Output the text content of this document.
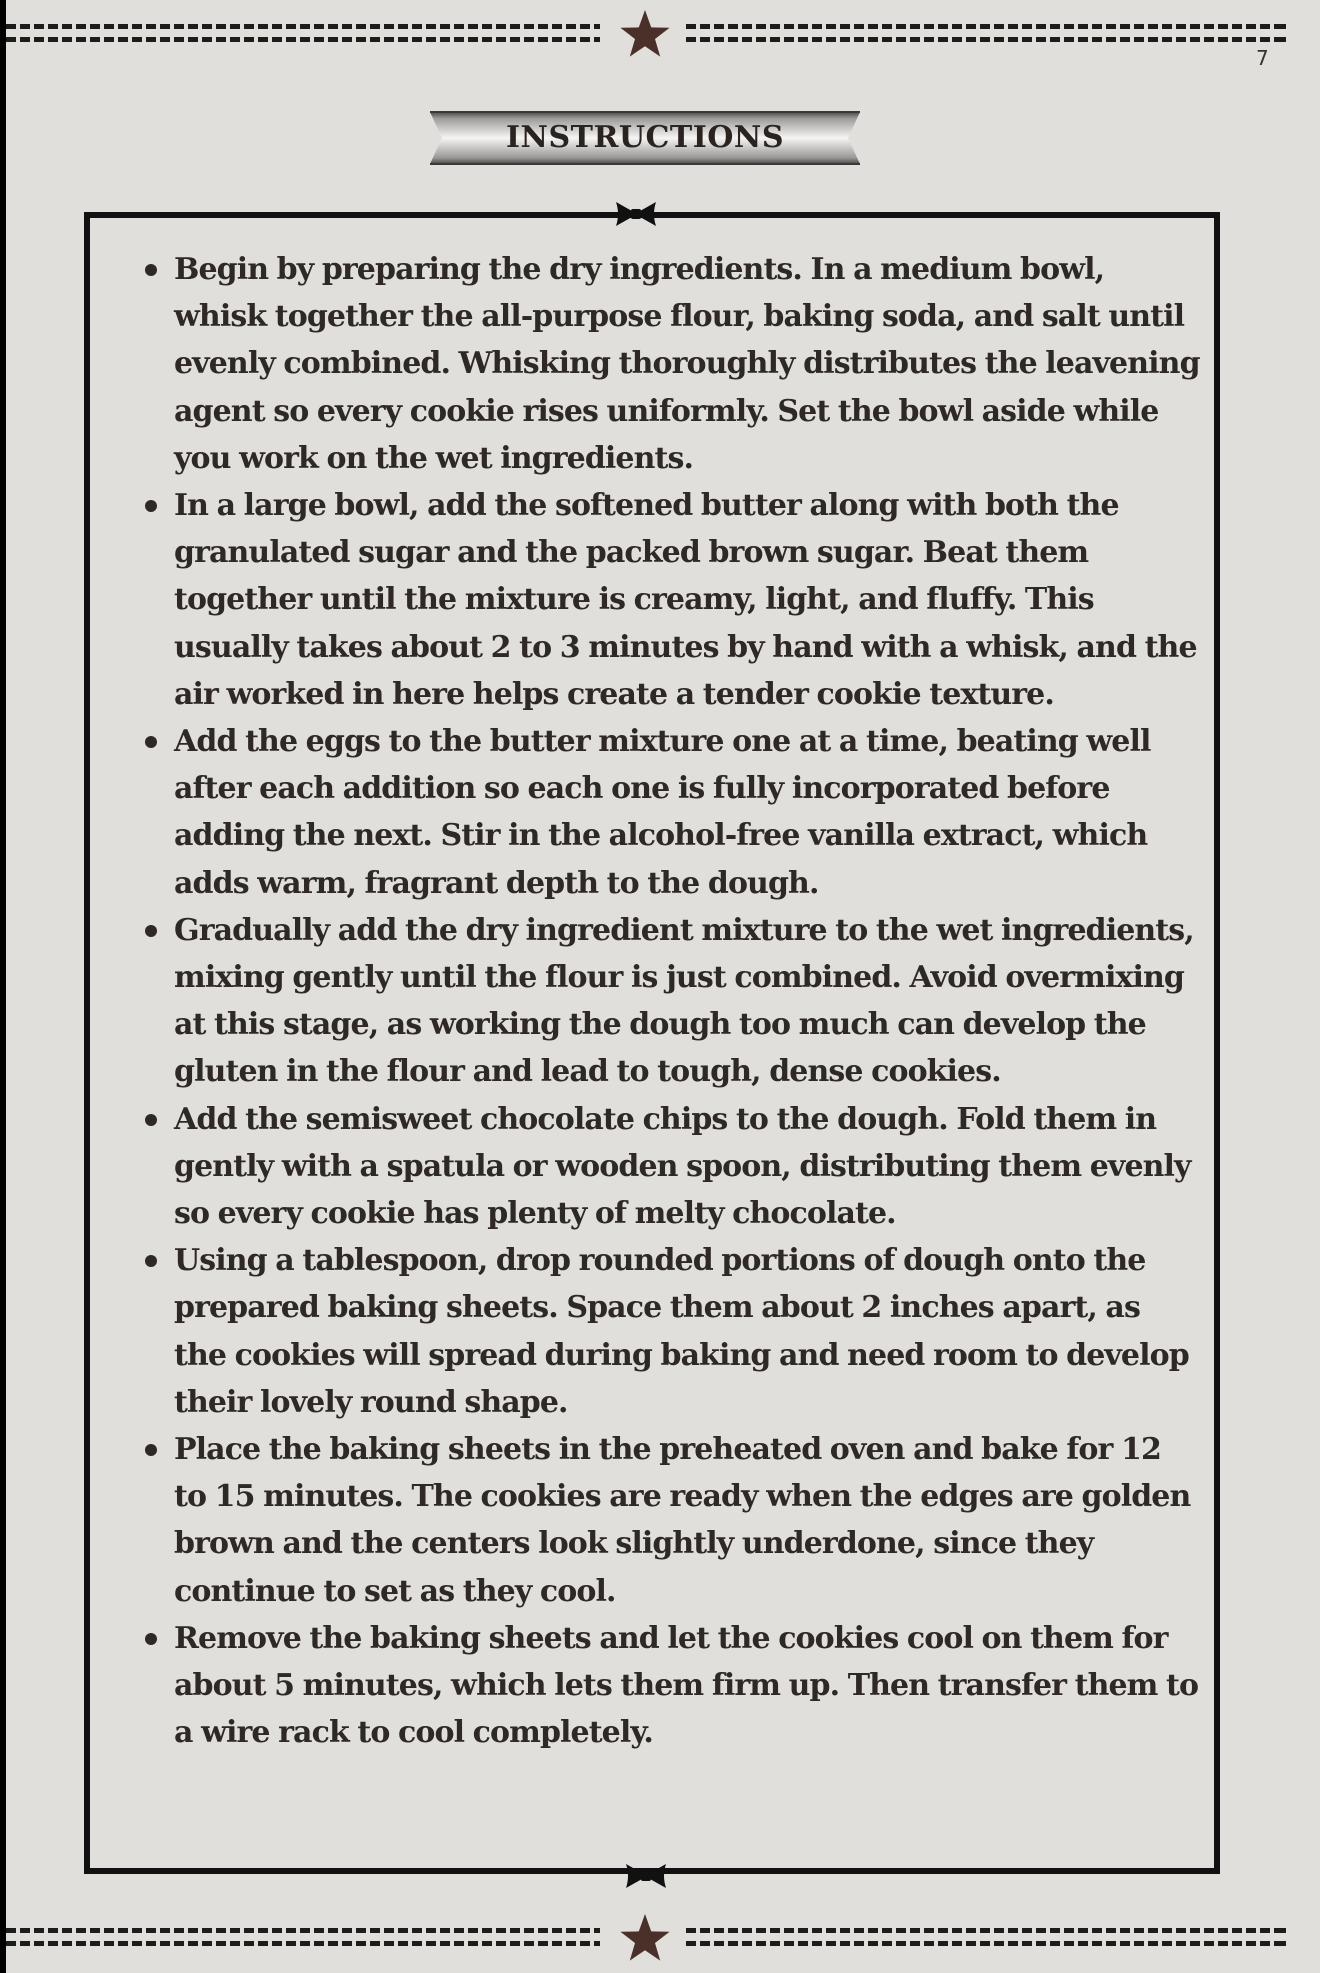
7
INSTRUCTIONS
Begin by preparing the dry ingredients. In a medium bowl, whisk together the all-purpose flour, baking soda, and salt until evenly combined. Whisking thoroughly distributes the leavening agent so every cookie rises uniformly. Set the bowl aside while you work on the wet ingredients.
In a large bowl, add the softened butter along with both the granulated sugar and the packed brown sugar. Beat them together until the mixture is creamy, light, and fluffy. This usually takes about 2 to 3 minutes by hand with a whisk, and the air worked in here helps create a tender cookie texture.
Add the eggs to the butter mixture one at a time, beating well after each addition so each one is fully incorporated before adding the next. Stir in the alcohol-free vanilla extract, which adds warm, fragrant depth to the dough.
Gradually add the dry ingredient mixture to the wet ingredients, mixing gently until the flour is just combined. Avoid overmixing at this stage, as working the dough too much can develop the gluten in the flour and lead to tough, dense cookies.
Add the semisweet chocolate chips to the dough. Fold them in gently with a spatula or wooden spoon, distributing them evenly so every cookie has plenty of melty chocolate.
Using a tablespoon, drop rounded portions of dough onto the prepared baking sheets. Space them about 2 inches apart, as the cookies will spread during baking and need room to develop their lovely round shape.
Place the baking sheets in the preheated oven and bake for 12 to 15 minutes. The cookies are ready when the edges are golden brown and the centers look slightly underdone, since they continue to set as they cool.
Remove the baking sheets and let the cookies cool on them for about 5 minutes, which lets them firm up. Then transfer them to a wire rack to cool completely.
